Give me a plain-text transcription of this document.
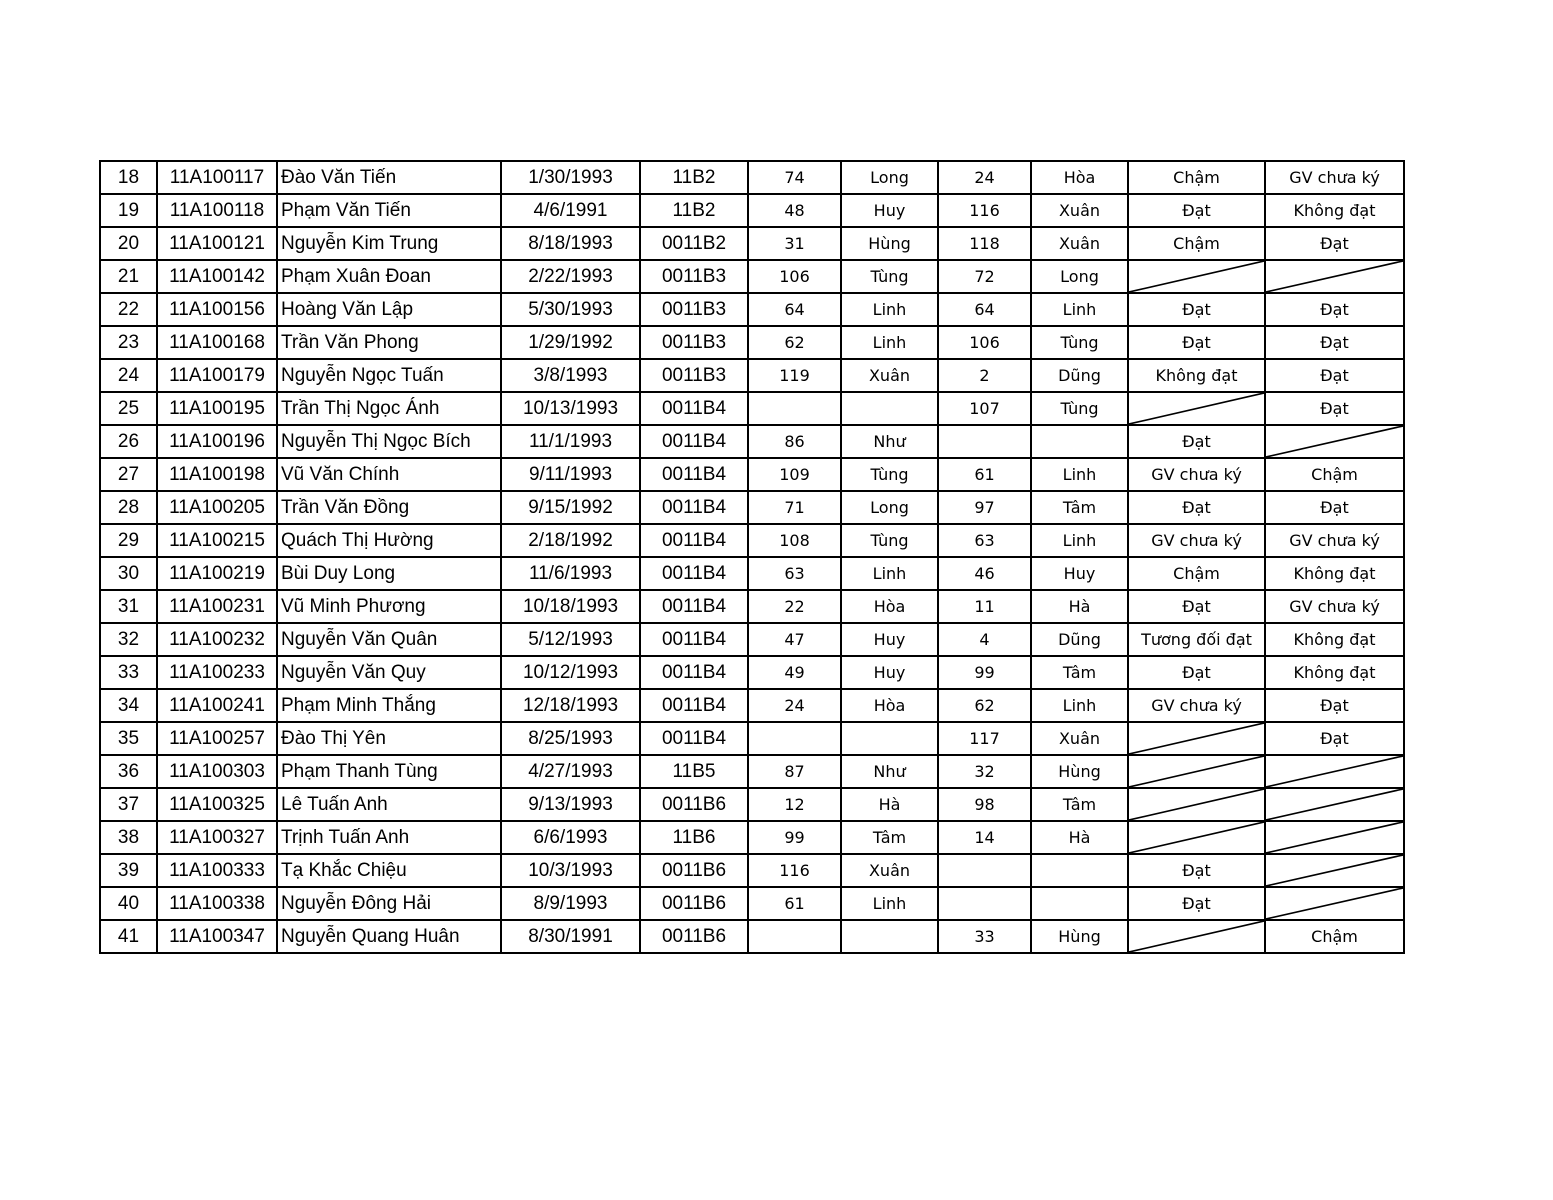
18	11A100117	Đào Văn Tiến	1/30/1993	11B2	74	Long	24	Hòa	Chậm	GV chưa ký
19	11A100118	Phạm Văn Tiến	4/6/1991	11B2	48	Huy	116	Xuân	Đạt	Không đạt
20	11A100121	Nguyễn Kim Trung	8/18/1993	0011B2	31	Hùng	118	Xuân	Chậm	Đạt
21	11A100142	Phạm Xuân Đoan	2/22/1993	0011B3	106	Tùng	72	Long	

22	11A100156	Hoàng Văn Lập	5/30/1993	0011B3	64	Linh	64	Linh	Đạt	Đạt
23	11A100168	Trần Văn Phong	1/29/1992	0011B3	62	Linh	106	Tùng	Đạt	Đạt
24	11A100179	Nguyễn Ngọc Tuấn	3/8/1993	0011B3	119	Xuân	2	Dũng	Không đạt	Đạt
25	11A100195	Trần Thị Ngọc Ánh	10/13/1993	0011B4			107	Tùng		Đạt
26	11A100196	Nguyễn Thị Ngọc Bích	11/1/1993	0011B4	86	Như			Đạt	

27	11A100198	Vũ Văn Chính	9/11/1993	0011B4	109	Tùng	61	Linh	GV chưa ký	Chậm
28	11A100205	Trần Văn Đồng	9/15/1992	0011B4	71	Long	97	Tâm	Đạt	Đạt
29	11A100215	Quách Thị Hường	2/18/1992	0011B4	108	Tùng	63	Linh	GV chưa ký	GV chưa ký
30	11A100219	Bùi Duy Long	11/6/1993	0011B4	63	Linh	46	Huy	Chậm	Không đạt
31	11A100231	Vũ Minh Phương	10/18/1993	0011B4	22	Hòa	11	Hà	Đạt	GV chưa ký
32	11A100232	Nguyễn Văn Quân	5/12/1993	0011B4	47	Huy	4	Dũng	Tương đối đạt	Không đạt
33	11A100233	Nguyễn Văn Quy	10/12/1993	0011B4	49	Huy	99	Tâm	Đạt	Không đạt
34	11A100241	Phạm Minh Thắng	12/18/1993	0011B4	24	Hòa	62	Linh	GV chưa ký	Đạt
35	11A100257	Đào Thị Yên	8/25/1993	0011B4			117	Xuân		Đạt
36	11A100303	Phạm Thanh Tùng	4/27/1993	11B5	87	Như	32	Hùng	

37	11A100325	Lê Tuấn Anh	9/13/1993	0011B6	12	Hà	98	Tâm	

38	11A100327	Trịnh Tuấn Anh	6/6/1993	11B6	99	Tâm	14	Hà	

39	11A100333	Tạ Khắc Chiệu	10/3/1993	0011B6	116	Xuân			Đạt	

40	11A100338	Nguyễn Đông Hải	8/9/1993	0011B6	61	Linh			Đạt	

41	11A100347	Nguyễn Quang Huân	8/30/1991	0011B6			33	Hùng		Chậm
